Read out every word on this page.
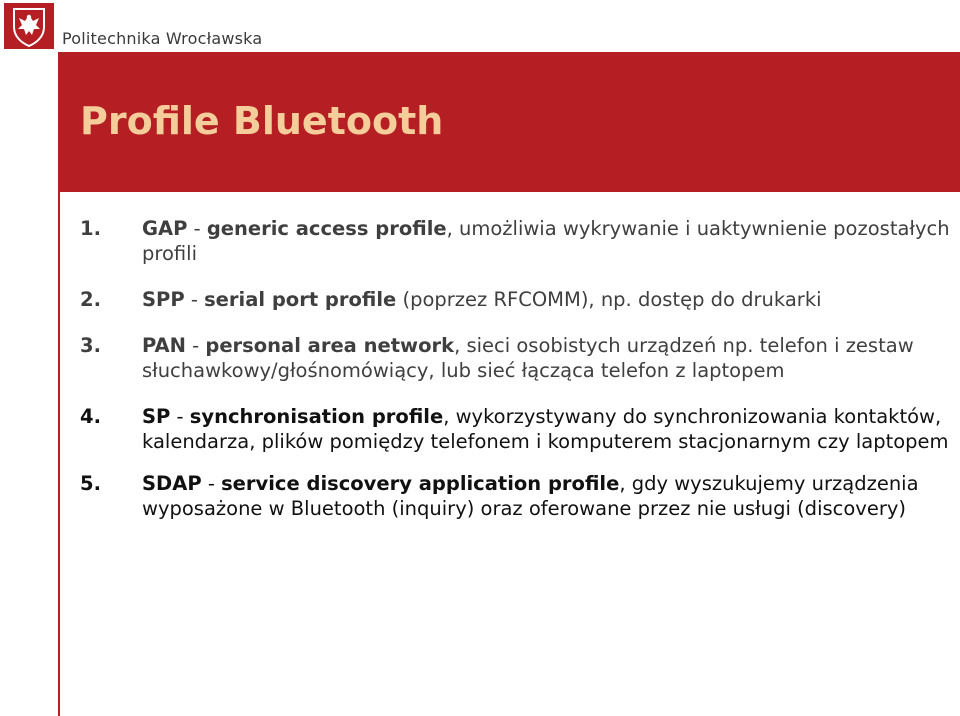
Politechnika Wrocławska
Profile Bluetooth
1. GAP - generic access profile, umożliwia wykrywanie i uaktywnienie pozostałych profili
2. SPP - serial port profile (poprzez RFCOMM), np. dostęp do drukarki
3. PAN - personal area network, sieci osobistych urządzeń np. telefon i zestaw słuchawkowy/głośnomówiący, lub sieć łącząca telefon z laptopem
4. SP - synchronisation profile, wykorzystywany do synchronizowania kontaktów, kalendarza, plików pomiędzy telefonem i komputerem stacjonarnym czy laptopem
5. SDAP - service discovery application profile, gdy wyszukujemy urządzenia wyposażone w Bluetooth (inquiry) oraz oferowane przez nie usługi (discovery)
